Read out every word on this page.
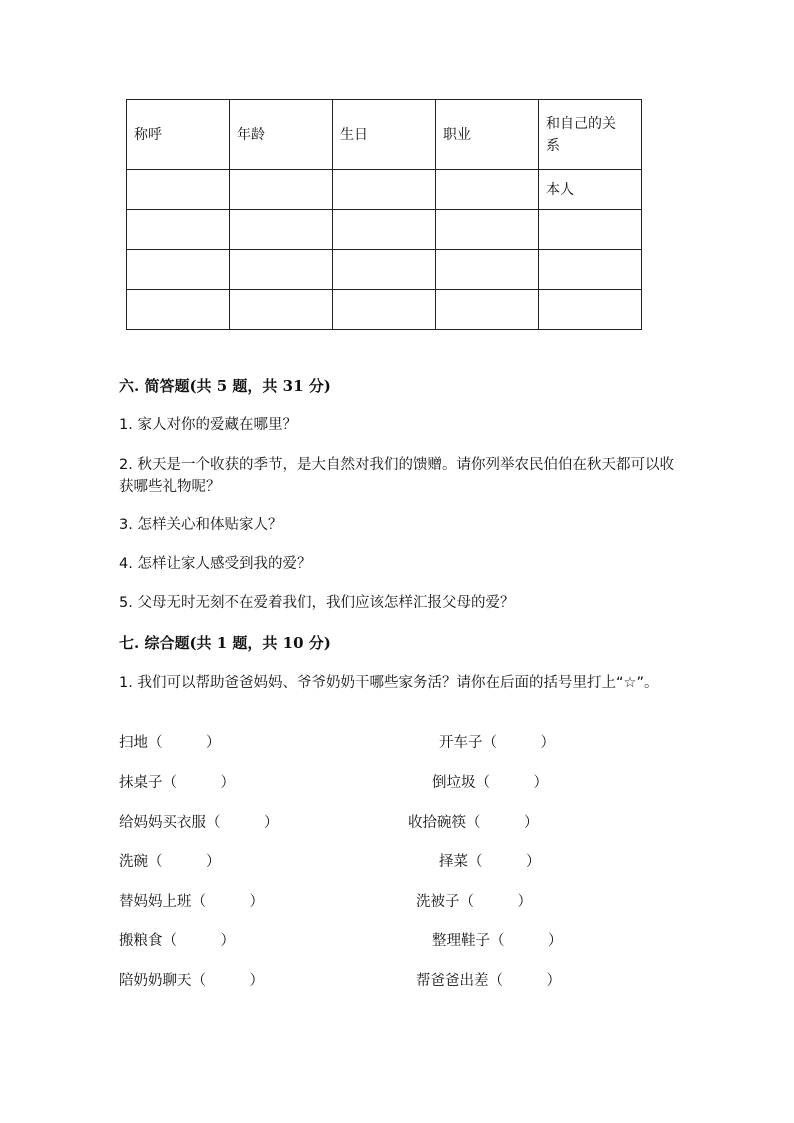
称呼	年龄	生日	职业	和自己的关系

				本人

六. 简答题(共 5 题，共 31 分)
1. 家人对你的爱藏在哪里？
2. 秋天是一个收获的季节，是大自然对我们的馈赠。请你列举农民伯伯在秋天都可以收获哪些礼物呢？
3. 怎样关心和体贴家人？
4. 怎样让家人感受到我的爱？
5. 父母无时无刻不在爱着我们，我们应该怎样汇报父母的爱？
七. 综合题(共 1 题，共 10 分)
1. 我们可以帮助爸爸妈妈、爷爷奶奶干哪些家务活？请你在后面的括号里打上“☆”。
扫地（　　　）
抹桌子（　　　）
给妈妈买衣服（　　　）
洗碗（　　　）
替妈妈上班（　　　）
搬粮食（　　　）
陪奶奶聊天（　　　）
开车子（　　　）
倒垃圾（　　　）
收拾碗筷（　　　）
择菜（　　　）
洗被子（　　　）
整理鞋子（　　　）
帮爸爸出差（　　　）
